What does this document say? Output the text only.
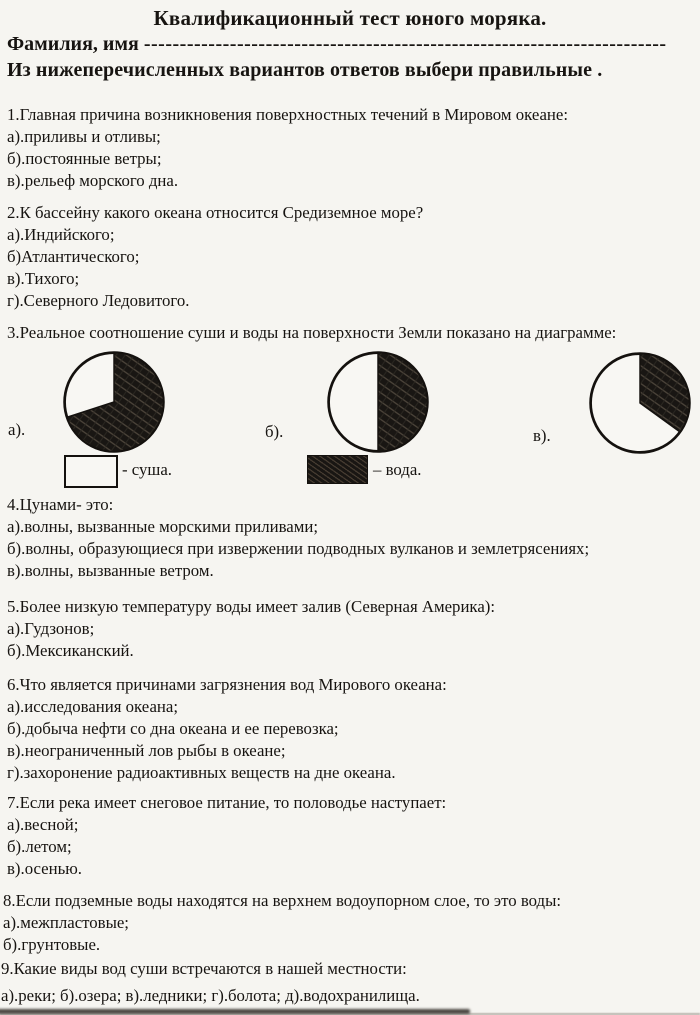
Квалификационный тест юного моряка.
Фамилия, имя -------------------------------------------------------------------------
Из нижеперечисленных вариантов ответов выбери правильные .
1.Главная причина возникновения поверхностных течений в Мировом океане:
а).приливы и отливы;
б).постоянные ветры;
в).рельеф морского дна.
2.К бассейну какого океана относится Средиземное море?
а).Индийского;
б)Атлантического;
в).Тихого;
г).Северного Ледовитого.
3.Реальное соотношение суши и воды на поверхности Земли показано на диаграмме:
а).	б).	в).
- суша.	– вода.
4.Цунами- это:
а).волны, вызванные морскими приливами;
б).волны, образующиеся при извержении подводных вулканов и землетрясениях;
в).волны, вызванные ветром.
5.Более низкую температуру воды имеет залив (Северная Америка):
а).Гудзонов;
б).Мексиканский.
6.Что является причинами загрязнения вод Мирового океана:
а).исследования океана;
б).добыча нефти со дна океана и ее перевозка;
в).неограниченный лов рыбы в океане;
г).захоронение радиоактивных веществ на дне океана.
7.Если река имеет снеговое питание, то половодье наступает:
а).весной;
б).летом;
в).осенью.
8.Если подземные воды находятся на верхнем водоупорном слое, то это воды:
а).межпластовые;
б).грунтовые.
9.Какие виды вод суши встречаются в нашей местности:
а).реки; б).озера; в).ледники; г).болота; д).водохранилища.
